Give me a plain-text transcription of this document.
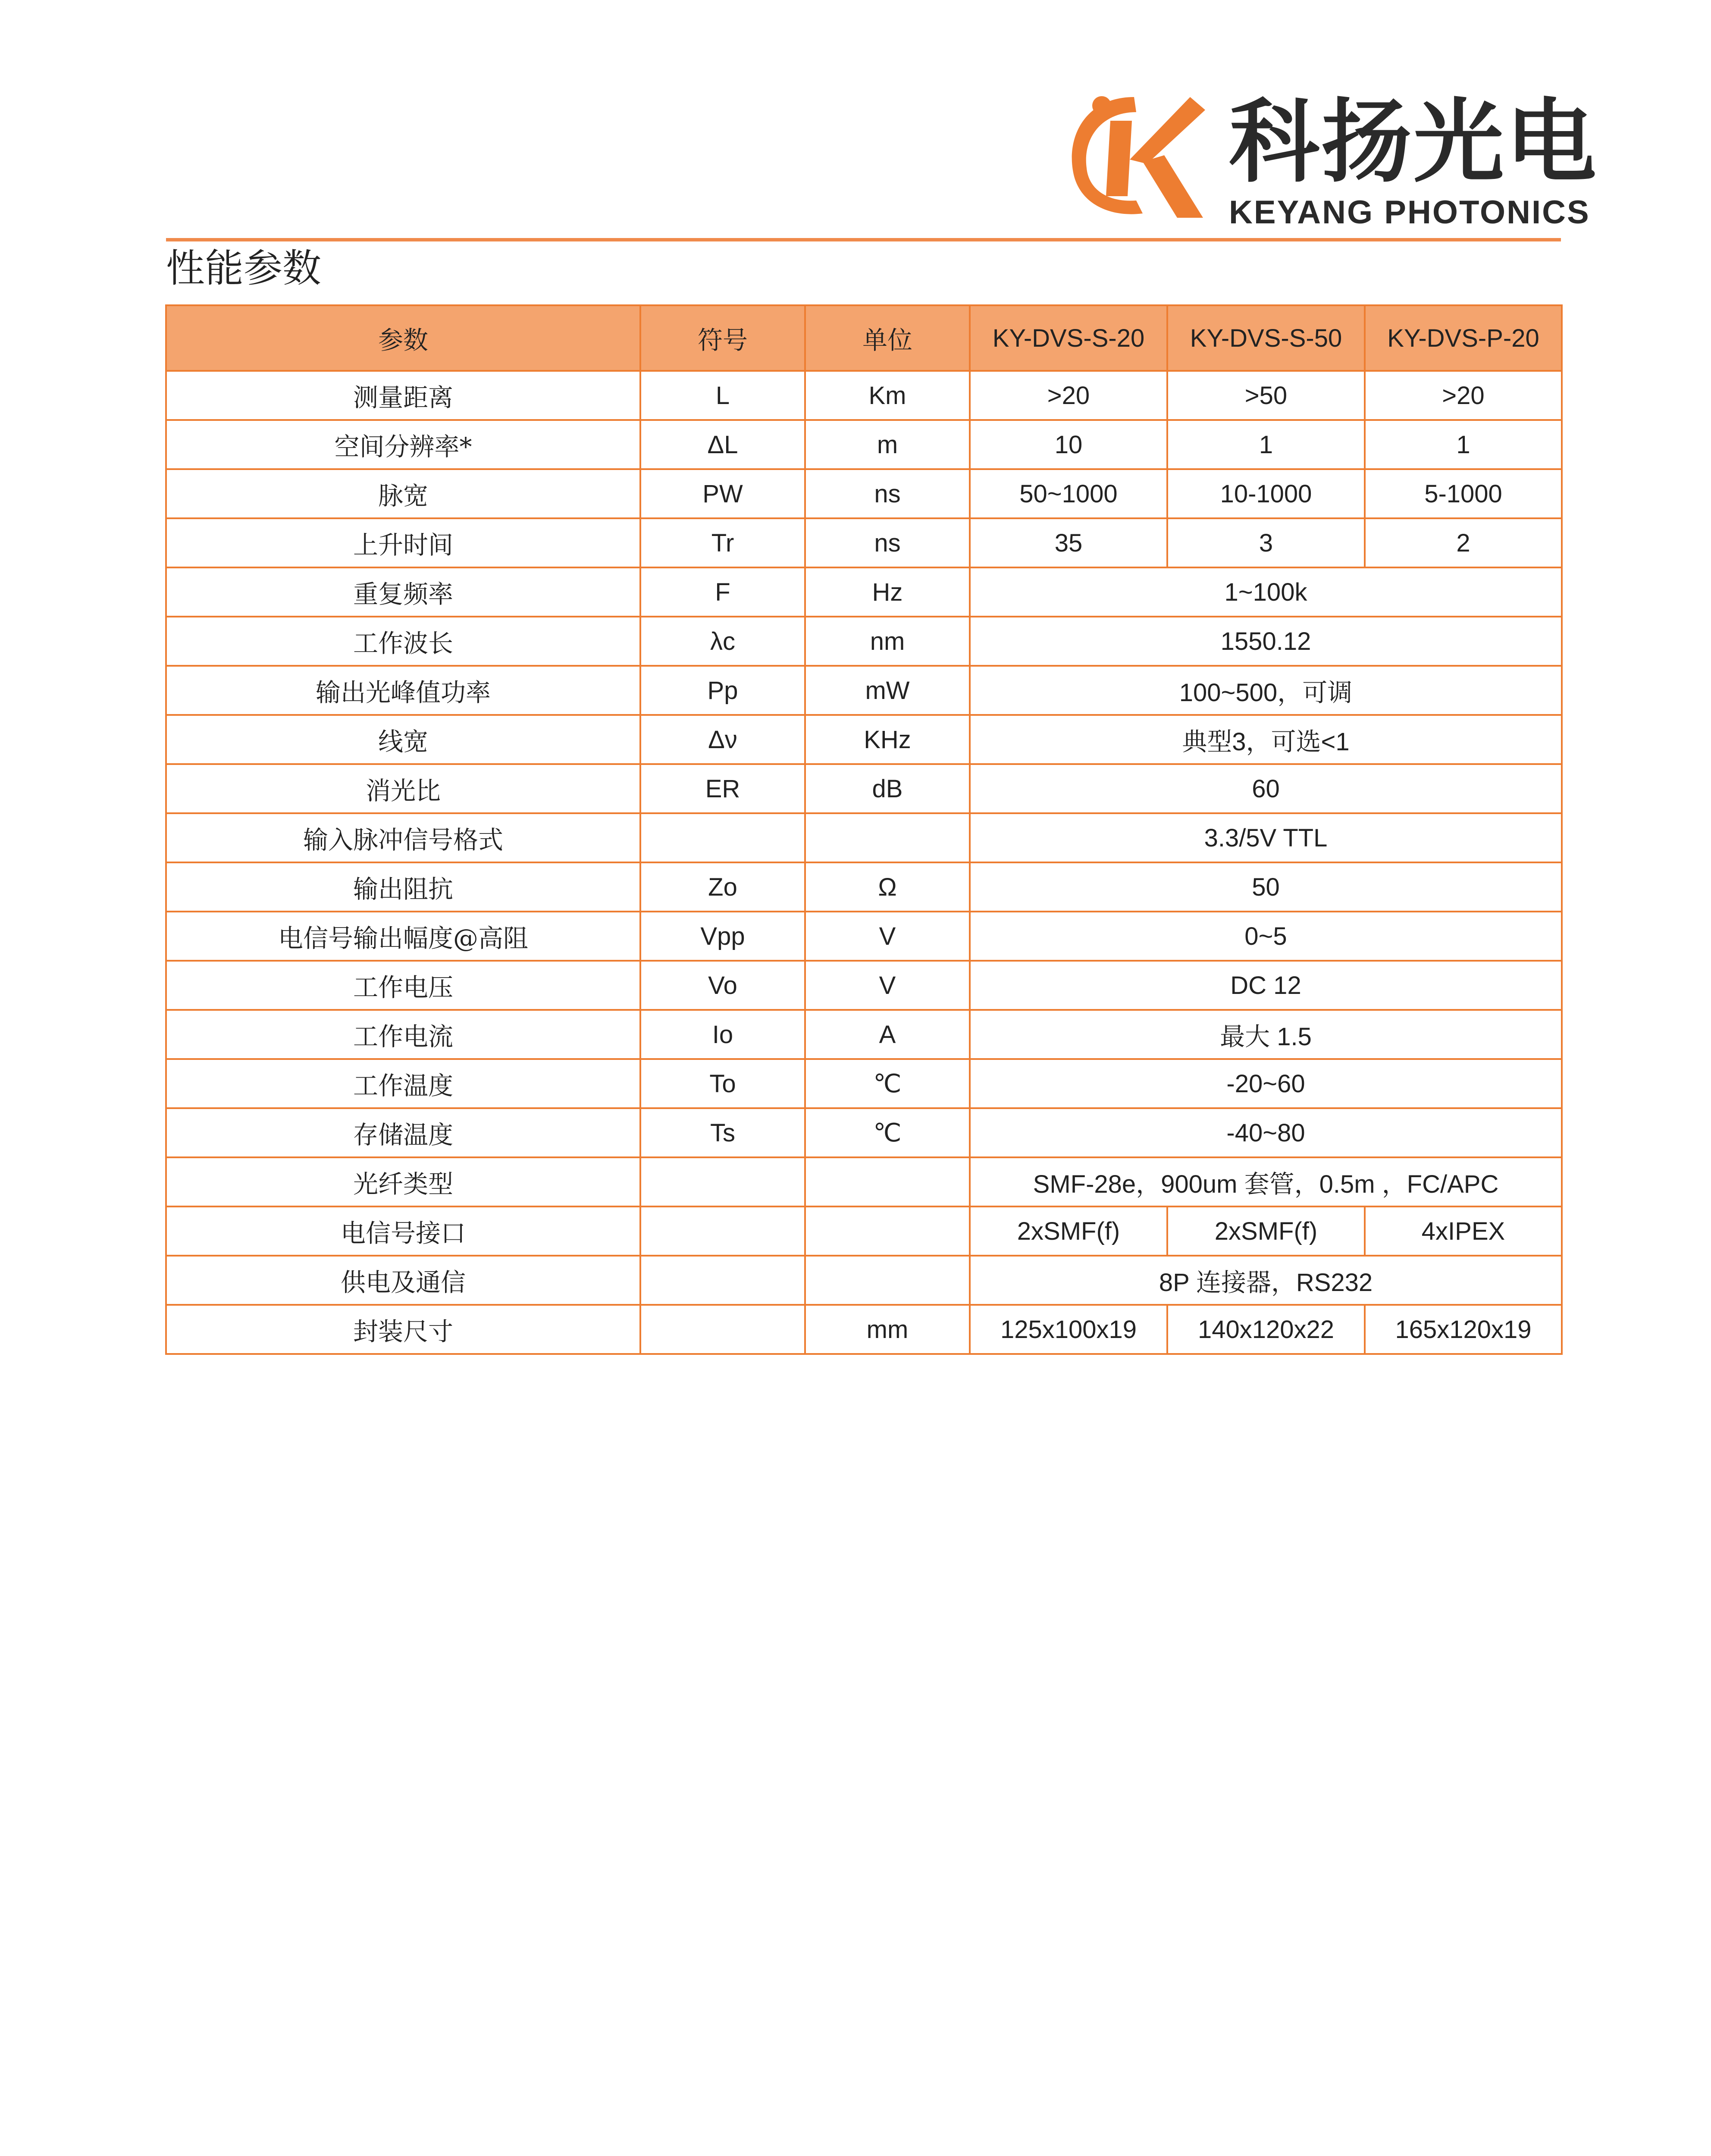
科扬光电
KEYANG PHOTONICS
性能参数
参数	符号	单位	KY-DVS-S-20	KY-DVS-S-50	KY-DVS-P-20
测量距离	L	Km	>20	>50	>20
空间分辨率*	ΔL	m	10	1	1
脉宽	PW	ns	50~1000	10-1000	5-1000
上升时间	Tr	ns	35	3	2
重复频率	F	Hz	1~100k		
工作波长	λc	nm	1550.12		
输出光峰值功率	Pp	mW	100~500，可调		
线宽	Δν	KHz	典型3，可选<1		
消光比	ER	dB	60		
输入脉冲信号格式			3.3/5V TTL		
输出阻抗	Zo	Ω	50		
电信号输出幅度@高阻	Vpp	V	0~5		
工作电压	Vo	V	DC 12		
工作电流	Io	A	最大 1.5		
工作温度	To	℃	-20~60		
存储温度	Ts	℃	-40~80		
光纤类型			SMF-28e，900um 套管，0.5m ，FC/APC		
电信号接口			2xSMF(f)	2xSMF(f)	4xIPEX
供电及通信			8P 连接器，RS232		
封装尺寸		mm	125x100x19	140x120x22	165x120x19
